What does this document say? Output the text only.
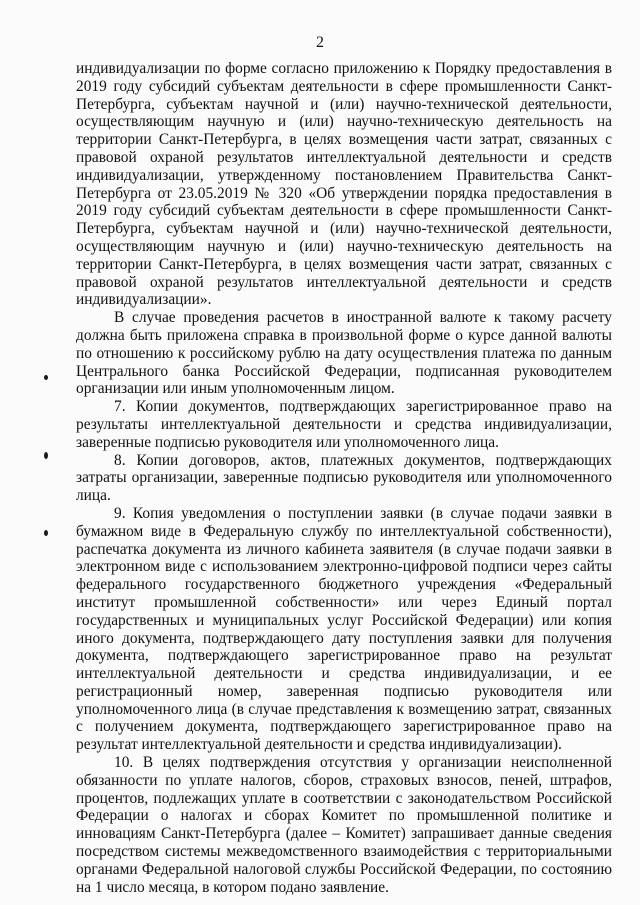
2

индивидуализации по форме согласно приложению к Порядку предоставления в 2019 году субсидий субъектам деятельности в сфере промышленности Санкт-Петербурга, субъектам научной и (или) научно-технической деятельности, осуществляющим научную и (или) научно-техническую деятельность на территории Санкт-Петербурга, в целях возмещения части затрат, связанных с правовой охраной результатов интеллектуальной деятельности и средств индивидуализации, утвержденному постановлением Правительства Санкт-Петербурга от 23.05.2019 № 320 «Об утверждении порядка предоставления в 2019 году субсидий субъектам деятельности в сфере промышленности Санкт-Петербурга, субъектам научной и (или) научно-технической деятельности, осуществляющим научную и (или) научно-техническую деятельность на территории Санкт-Петербурга, в целях возмещения части затрат, связанных с правовой охраной результатов интеллектуальной деятельности и средств индивидуализации».

В случае проведения расчетов в иностранной валюте к такому расчету должна быть приложена справка в произвольной форме о курсе данной валюты по отношению к российскому рублю на дату осуществления платежа по данным Центрального банка Российской Федерации, подписанная руководителем организации или иным уполномоченным лицом.

7. Копии документов, подтверждающих зарегистрированное право на результаты интеллектуальной деятельности и средства индивидуализации, заверенные подписью руководителя или уполномоченного лица.

8. Копии договоров, актов, платежных документов, подтверждающих затраты организации, заверенные подписью руководителя или уполномоченного лица.

9. Копия уведомления о поступлении заявки (в случае подачи заявки в бумажном виде в Федеральную службу по интеллектуальной собственности), распечатка документа из личного кабинета заявителя (в случае подачи заявки в электронном виде с использованием электронно-цифровой подписи через сайты федерального государственного бюджетного учреждения «Федеральный институт промышленной собственности» или через Единый портал государственных и муниципальных услуг Российской Федерации) или копия иного документа, подтверждающего дату поступления заявки для получения документа, подтверждающего зарегистрированное право на результат интеллектуальной деятельности и средства индивидуализации, и ее регистрационный номер, заверенная подписью руководителя или уполномоченного лица (в случае представления к возмещению затрат, связанных с получением документа, подтверждающего зарегистрированное право на результат интеллектуальной деятельности и средства индивидуализации).

10. В целях подтверждения отсутствия у организации неисполненной обязанности по уплате налогов, сборов, страховых взносов, пеней, штрафов, процентов, подлежащих уплате в соответствии с законодательством Российской Федерации о налогах и сборах Комитет по промышленной политике и инновациям Санкт-Петербурга (далее – Комитет) запрашивает данные сведения посредством системы межведомственного взаимодействия с территориальными органами Федеральной налоговой службы Российской Федерации, по состоянию на 1 число месяца, в котором подано заявление.
